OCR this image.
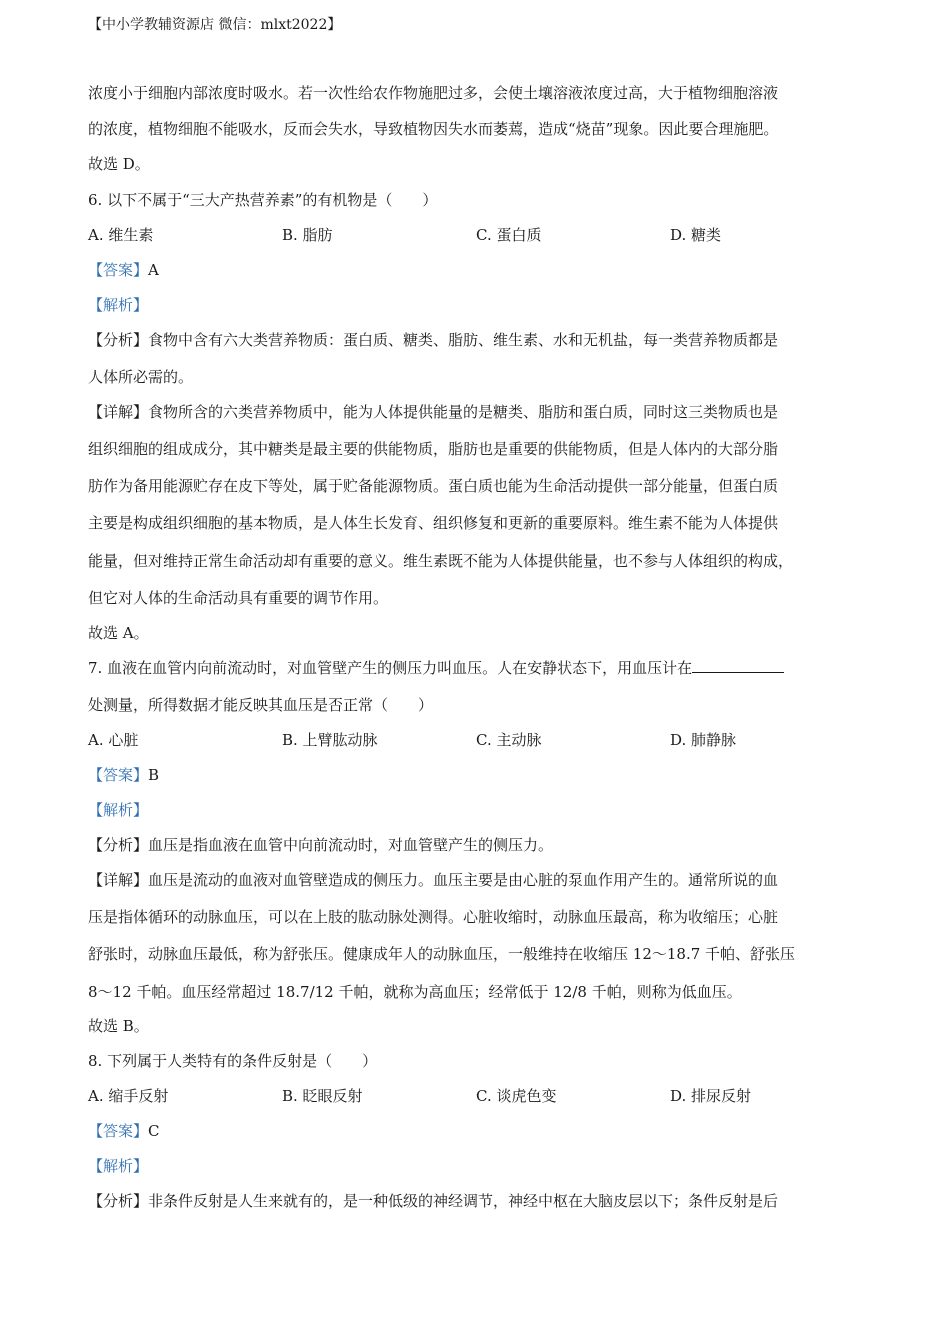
【中小学教辅资源店 微信：mlxt2022】
浓度小于细胞内部浓度时吸水。若一次性给农作物施肥过多，会使土壤溶液浓度过高，大于植物细胞溶液
的浓度，植物细胞不能吸水，反而会失水，导致植物因失水而萎蔫，造成“烧苗”现象。因此要合理施肥。
故选 D。
6. 以下不属于“三大产热营养素”的有机物是（　　）
A. 维生素	B. 脂肪	C. 蛋白质	D. 糖类
【答案】A
【解析】
【分析】食物中含有六大类营养物质：蛋白质、糖类、脂肪、维生素、水和无机盐，每一类营养物质都是
人体所必需的。
【详解】食物所含的六类营养物质中，能为人体提供能量的是糖类、脂肪和蛋白质，同时这三类物质也是
组织细胞的组成成分，其中糖类是最主要的供能物质，脂肪也是重要的供能物质，但是人体内的大部分脂
肪作为备用能源贮存在皮下等处，属于贮备能源物质。蛋白质也能为生命活动提供一部分能量，但蛋白质
主要是构成组织细胞的基本物质，是人体生长发育、组织修复和更新的重要原料。维生素不能为人体提供
能量，但对维持正常生命活动却有重要的意义。维生素既不能为人体提供能量，也不参与人体组织的构成，
但它对人体的生命活动具有重要的调节作用。
故选 A。
7. 血液在血管内向前流动时，对血管壁产生的侧压力叫血压。人在安静状态下，用血压计在
处测量，所得数据才能反映其血压是否正常（　　）
A. 心脏	B. 上臂肱动脉	C. 主动脉	D. 肺静脉
【答案】B
【解析】
【分析】血压是指血液在血管中向前流动时，对血管壁产生的侧压力。
【详解】血压是流动的血液对血管壁造成的侧压力。血压主要是由心脏的泵血作用产生的。通常所说的血
压是指体循环的动脉血压，可以在上肢的肱动脉处测得。心脏收缩时，动脉血压最高，称为收缩压；心脏
舒张时，动脉血压最低，称为舒张压。健康成年人的动脉血压，一般维持在收缩压 12～18.7 千帕、舒张压
8～12 千帕。血压经常超过 18.7/12 千帕，就称为高血压；经常低于 12/8 千帕，则称为低血压。
故选 B。
8. 下列属于人类特有的条件反射是（　　）
A. 缩手反射	B. 眨眼反射	C. 谈虎色变	D. 排尿反射
【答案】C
【解析】
【分析】非条件反射是人生来就有的，是一种低级的神经调节，神经中枢在大脑皮层以下；条件反射是后
